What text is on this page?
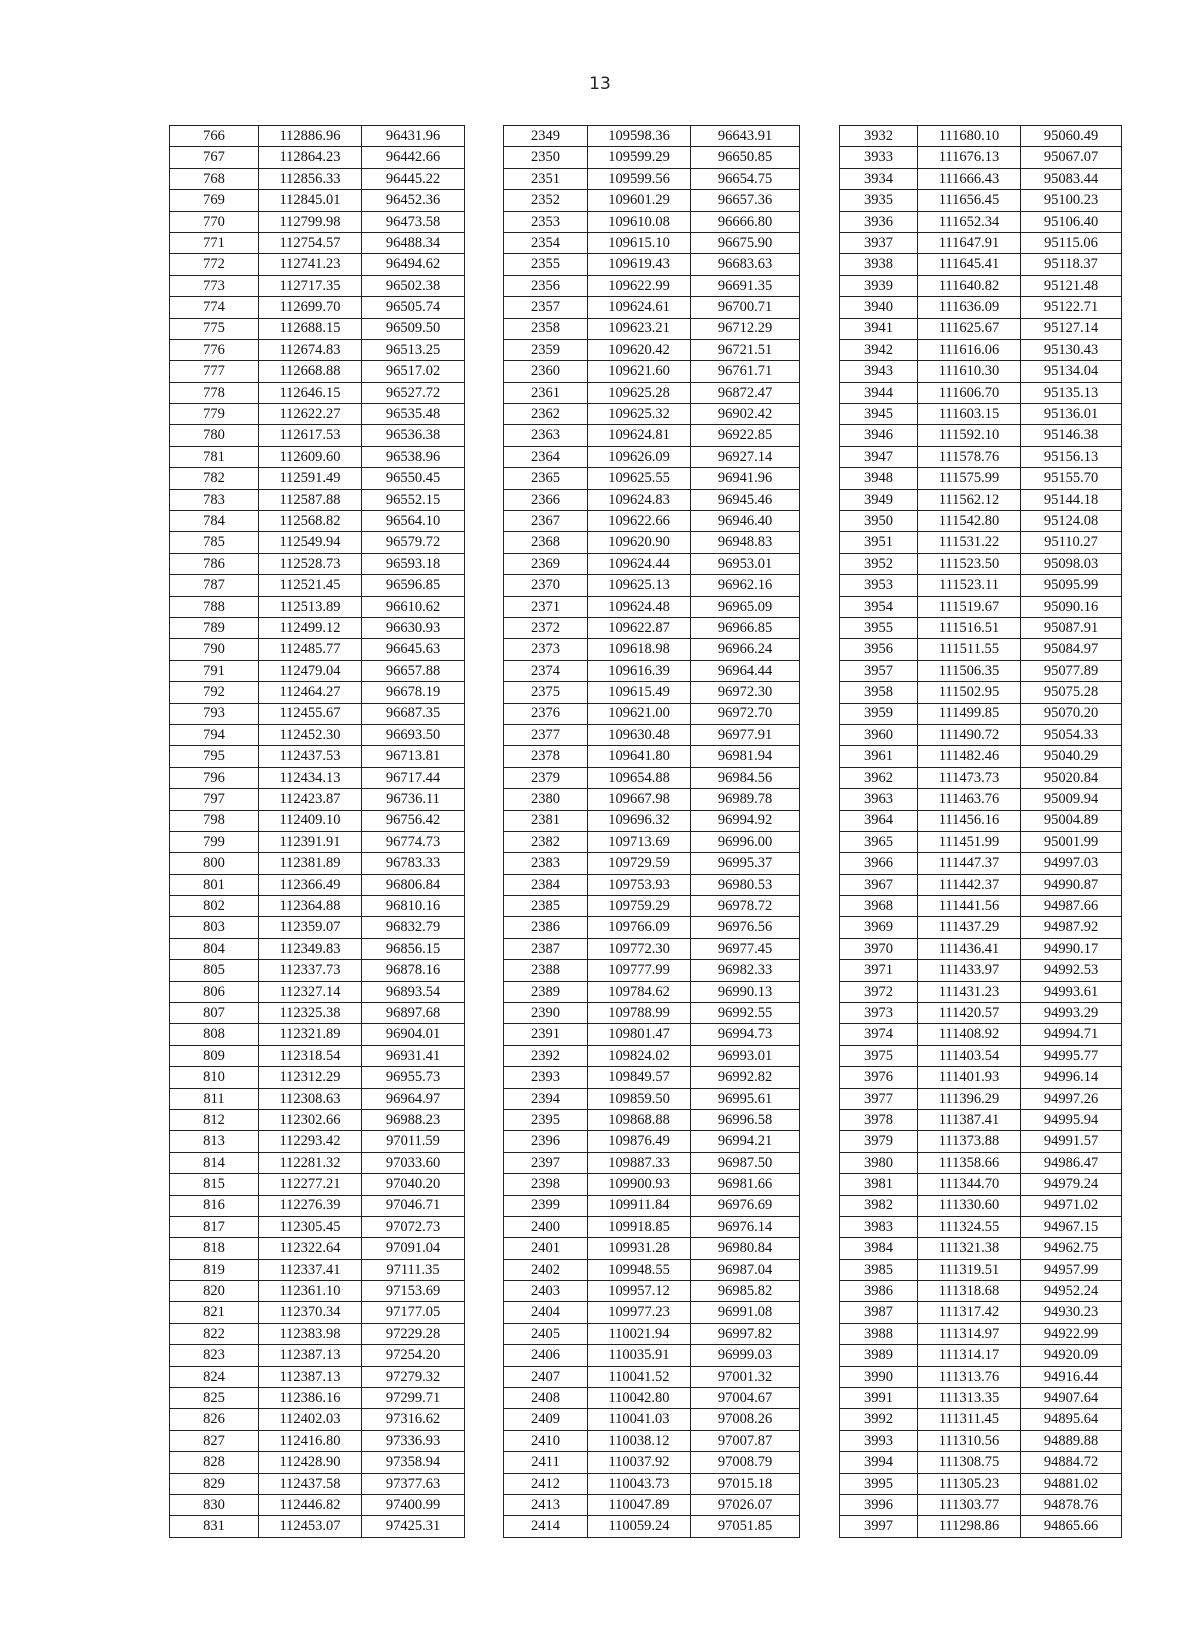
13
766	112886.96	96431.96
767	112864.23	96442.66
768	112856.33	96445.22
769	112845.01	96452.36
770	112799.98	96473.58
771	112754.57	96488.34
772	112741.23	96494.62
773	112717.35	96502.38
774	112699.70	96505.74
775	112688.15	96509.50
776	112674.83	96513.25
777	112668.88	96517.02
778	112646.15	96527.72
779	112622.27	96535.48
780	112617.53	96536.38
781	112609.60	96538.96
782	112591.49	96550.45
783	112587.88	96552.15
784	112568.82	96564.10
785	112549.94	96579.72
786	112528.73	96593.18
787	112521.45	96596.85
788	112513.89	96610.62
789	112499.12	96630.93
790	112485.77	96645.63
791	112479.04	96657.88
792	112464.27	96678.19
793	112455.67	96687.35
794	112452.30	96693.50
795	112437.53	96713.81
796	112434.13	96717.44
797	112423.87	96736.11
798	112409.10	96756.42
799	112391.91	96774.73
800	112381.89	96783.33
801	112366.49	96806.84
802	112364.88	96810.16
803	112359.07	96832.79
804	112349.83	96856.15
805	112337.73	96878.16
806	112327.14	96893.54
807	112325.38	96897.68
808	112321.89	96904.01
809	112318.54	96931.41
810	112312.29	96955.73
811	112308.63	96964.97
812	112302.66	96988.23
813	112293.42	97011.59
814	112281.32	97033.60
815	112277.21	97040.20
816	112276.39	97046.71
817	112305.45	97072.73
818	112322.64	97091.04
819	112337.41	97111.35
820	112361.10	97153.69
821	112370.34	97177.05
822	112383.98	97229.28
823	112387.13	97254.20
824	112387.13	97279.32
825	112386.16	97299.71
826	112402.03	97316.62
827	112416.80	97336.93
828	112428.90	97358.94
829	112437.58	97377.63
830	112446.82	97400.99
831	112453.07	97425.31
2349	109598.36	96643.91
2350	109599.29	96650.85
2351	109599.56	96654.75
2352	109601.29	96657.36
2353	109610.08	96666.80
2354	109615.10	96675.90
2355	109619.43	96683.63
2356	109622.99	96691.35
2357	109624.61	96700.71
2358	109623.21	96712.29
2359	109620.42	96721.51
2360	109621.60	96761.71
2361	109625.28	96872.47
2362	109625.32	96902.42
2363	109624.81	96922.85
2364	109626.09	96927.14
2365	109625.55	96941.96
2366	109624.83	96945.46
2367	109622.66	96946.40
2368	109620.90	96948.83
2369	109624.44	96953.01
2370	109625.13	96962.16
2371	109624.48	96965.09
2372	109622.87	96966.85
2373	109618.98	96966.24
2374	109616.39	96964.44
2375	109615.49	96972.30
2376	109621.00	96972.70
2377	109630.48	96977.91
2378	109641.80	96981.94
2379	109654.88	96984.56
2380	109667.98	96989.78
2381	109696.32	96994.92
2382	109713.69	96996.00
2383	109729.59	96995.37
2384	109753.93	96980.53
2385	109759.29	96978.72
2386	109766.09	96976.56
2387	109772.30	96977.45
2388	109777.99	96982.33
2389	109784.62	96990.13
2390	109788.99	96992.55
2391	109801.47	96994.73
2392	109824.02	96993.01
2393	109849.57	96992.82
2394	109859.50	96995.61
2395	109868.88	96996.58
2396	109876.49	96994.21
2397	109887.33	96987.50
2398	109900.93	96981.66
2399	109911.84	96976.69
2400	109918.85	96976.14
2401	109931.28	96980.84
2402	109948.55	96987.04
2403	109957.12	96985.82
2404	109977.23	96991.08
2405	110021.94	96997.82
2406	110035.91	96999.03
2407	110041.52	97001.32
2408	110042.80	97004.67
2409	110041.03	97008.26
2410	110038.12	97007.87
2411	110037.92	97008.79
2412	110043.73	97015.18
2413	110047.89	97026.07
2414	110059.24	97051.85
3932	111680.10	95060.49
3933	111676.13	95067.07
3934	111666.43	95083.44
3935	111656.45	95100.23
3936	111652.34	95106.40
3937	111647.91	95115.06
3938	111645.41	95118.37
3939	111640.82	95121.48
3940	111636.09	95122.71
3941	111625.67	95127.14
3942	111616.06	95130.43
3943	111610.30	95134.04
3944	111606.70	95135.13
3945	111603.15	95136.01
3946	111592.10	95146.38
3947	111578.76	95156.13
3948	111575.99	95155.70
3949	111562.12	95144.18
3950	111542.80	95124.08
3951	111531.22	95110.27
3952	111523.50	95098.03
3953	111523.11	95095.99
3954	111519.67	95090.16
3955	111516.51	95087.91
3956	111511.55	95084.97
3957	111506.35	95077.89
3958	111502.95	95075.28
3959	111499.85	95070.20
3960	111490.72	95054.33
3961	111482.46	95040.29
3962	111473.73	95020.84
3963	111463.76	95009.94
3964	111456.16	95004.89
3965	111451.99	95001.99
3966	111447.37	94997.03
3967	111442.37	94990.87
3968	111441.56	94987.66
3969	111437.29	94987.92
3970	111436.41	94990.17
3971	111433.97	94992.53
3972	111431.23	94993.61
3973	111420.57	94993.29
3974	111408.92	94994.71
3975	111403.54	94995.77
3976	111401.93	94996.14
3977	111396.29	94997.26
3978	111387.41	94995.94
3979	111373.88	94991.57
3980	111358.66	94986.47
3981	111344.70	94979.24
3982	111330.60	94971.02
3983	111324.55	94967.15
3984	111321.38	94962.75
3985	111319.51	94957.99
3986	111318.68	94952.24
3987	111317.42	94930.23
3988	111314.97	94922.99
3989	111314.17	94920.09
3990	111313.76	94916.44
3991	111313.35	94907.64
3992	111311.45	94895.64
3993	111310.56	94889.88
3994	111308.75	94884.72
3995	111305.23	94881.02
3996	111303.77	94878.76
3997	111298.86	94865.66
